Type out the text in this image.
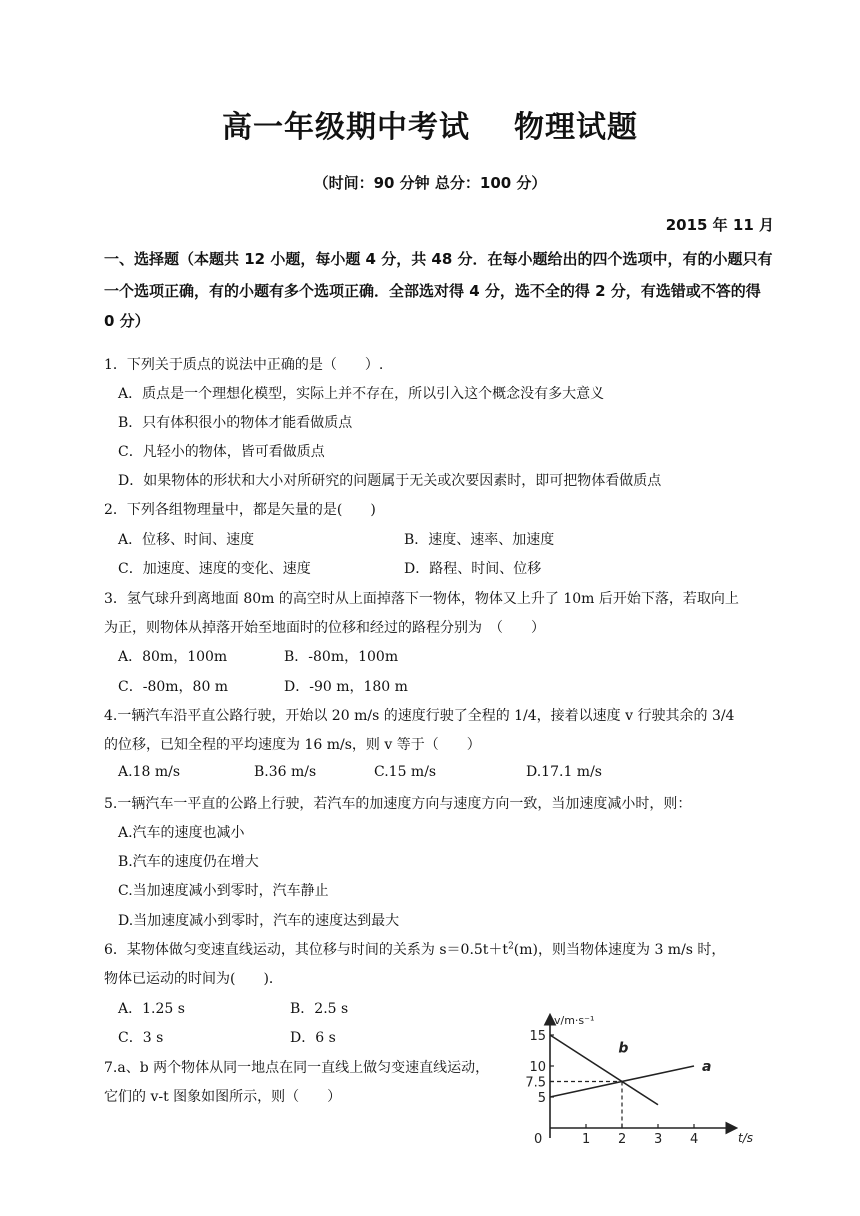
高一年级期中考试 物理试题
（时间：90 分钟 总分：100 分）
2015 年 11 月
一、选择题（本题共 12 小题，每小题 4 分，共 48 分．在每小题给出的四个选项中，有的小题只有
一个选项正确，有的小题有多个选项正确．全部选对得 4 分，选不全的得 2 分，有选错或不答的得
0 分）
1．下列关于质点的说法中正确的是（　　）.
A．质点是一个理想化模型，实际上并不存在，所以引入这个概念没有多大意义
B．只有体积很小的物体才能看做质点
C．凡轻小的物体，皆可看做质点
D．如果物体的形状和大小对所研究的问题属于无关或次要因素时，即可把物体看做质点
2．下列各组物理量中，都是矢量的是(　　)
A．位移、时间、速度	B．速度、速率、加速度
C．加速度、速度的变化、速度	D．路程、时间、位移
3．氢气球升到离地面 80m 的高空时从上面掉落下一物体，物体又上升了 10m 后开始下落，若取向上
为正，则物体从掉落开始至地面时的位移和经过的路程分别为　（　　）
A．80m，100m	B．-80m，100m
C．-80m，80 m	D．-90 m，180 m
4.一辆汽车沿平直公路行驶，开始以 20 m/s 的速度行驶了全程的 1/4，接着以速度 v 行驶其余的 3/4
的位移，已知全程的平均速度为 16 m/s，则 v 等于（　　）
A.18 m/s	B.36 m/s	C.15 m/s	D.17.1 m/s
5.一辆汽车一平直的公路上行驶，若汽车的加速度方向与速度方向一致，当加速度减小时，则：
A.汽车的速度也减小
B.汽车的速度仍在增大
C.当加速度减小到零时，汽车静止
D.当加速度减小到零时，汽车的速度达到最大
6．某物体做匀变速直线运动，其位移与时间的关系为 $s=0.5t+t^2(m)$，则当物体速度为 3 m/s 时，
物体已运动的时间为(　　)．
A．1.25 s	B．2.5 s
C．3 s	D．6 s
7.a、b 两个物体从同一地点在同一直线上做匀变速直线运动，
它们的 v-t 图象如图所示，则（　　）
v/m·s⁻¹
t/s
0	1 2 3 4
5
7.5
10
15
a
b
